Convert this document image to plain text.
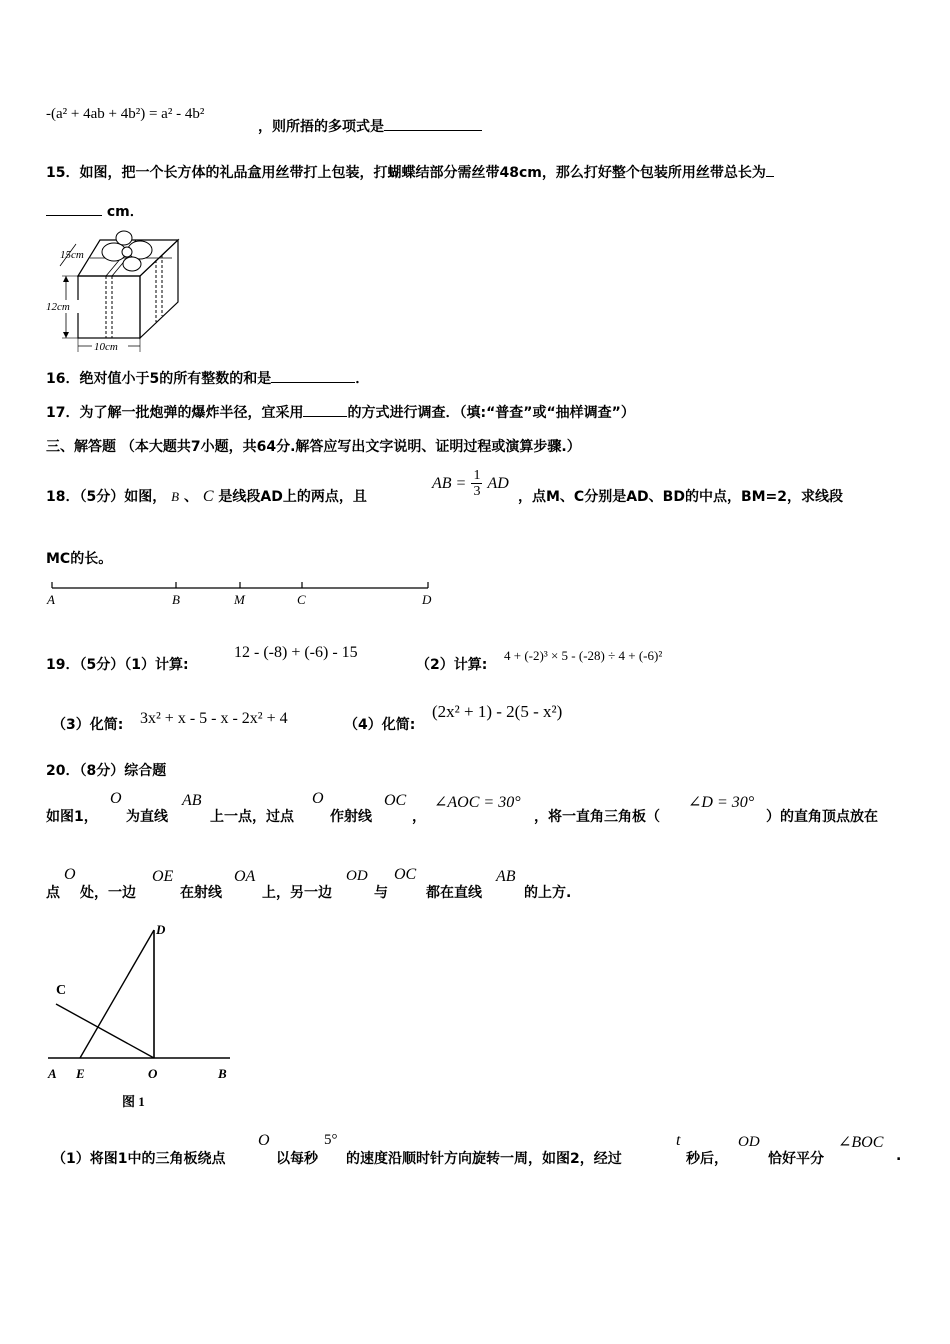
-(a² + 4ab + 4b²) = a² - 4b²
，则所捂的多项式是
15．如图，把一个长方体的礼品盒用丝带打上包装，打蝴蝶结部分需丝带48cm，那么打好整个包装所用丝带总长为
cm．
15cm
12cm
10cm
16．绝对值小于5的所有整数的和是	．
17．为了解一批炮弹的爆炸半径，宜采用	的方式进行调查．（填:“普查”或“抽样调查”）
三、解答题 （本大题共7小题，共64分.解答应写出文字说明、证明过程或演算步骤.）
18．（5分）如图， B 、 C 是线段AD上的两点，且
AB = $\frac{1}{3}$ AD
，点M、C分别是AD、BD的中点，BM=2，求线段
MC的长。
A	B	M	C	D
19．（5分）（1）计算:
12 - (-8) + (-6) - 15
（2）计算:
4 + (-2)³ × 5 - (-28) ÷ 4 + (-6)²
（3）化简: 3x² + x - 5 - x - 2x² + 4	（4）化简:
(2x² + 1) - 2(5 - x²)
20．（8分）综合题
如图1，
O
为直线
AB
上一点，过点
O
作射线
OC
，
∠AOC = 30°
，将一直角三角板（
∠D = 30°
）的直角顶点放在
点
O
处，一边
OE
在射线
OA
上，另一边
OD
与
OC
都在直线
AB
的上方.
D
C
A E	O	B
图 1
（1）将图1中的三角板绕点
O
以每秒
5°
的速度沿顺时针方向旋转一周，如图2，经过
t
秒后，
OD
恰好平分
∠BOC
.
